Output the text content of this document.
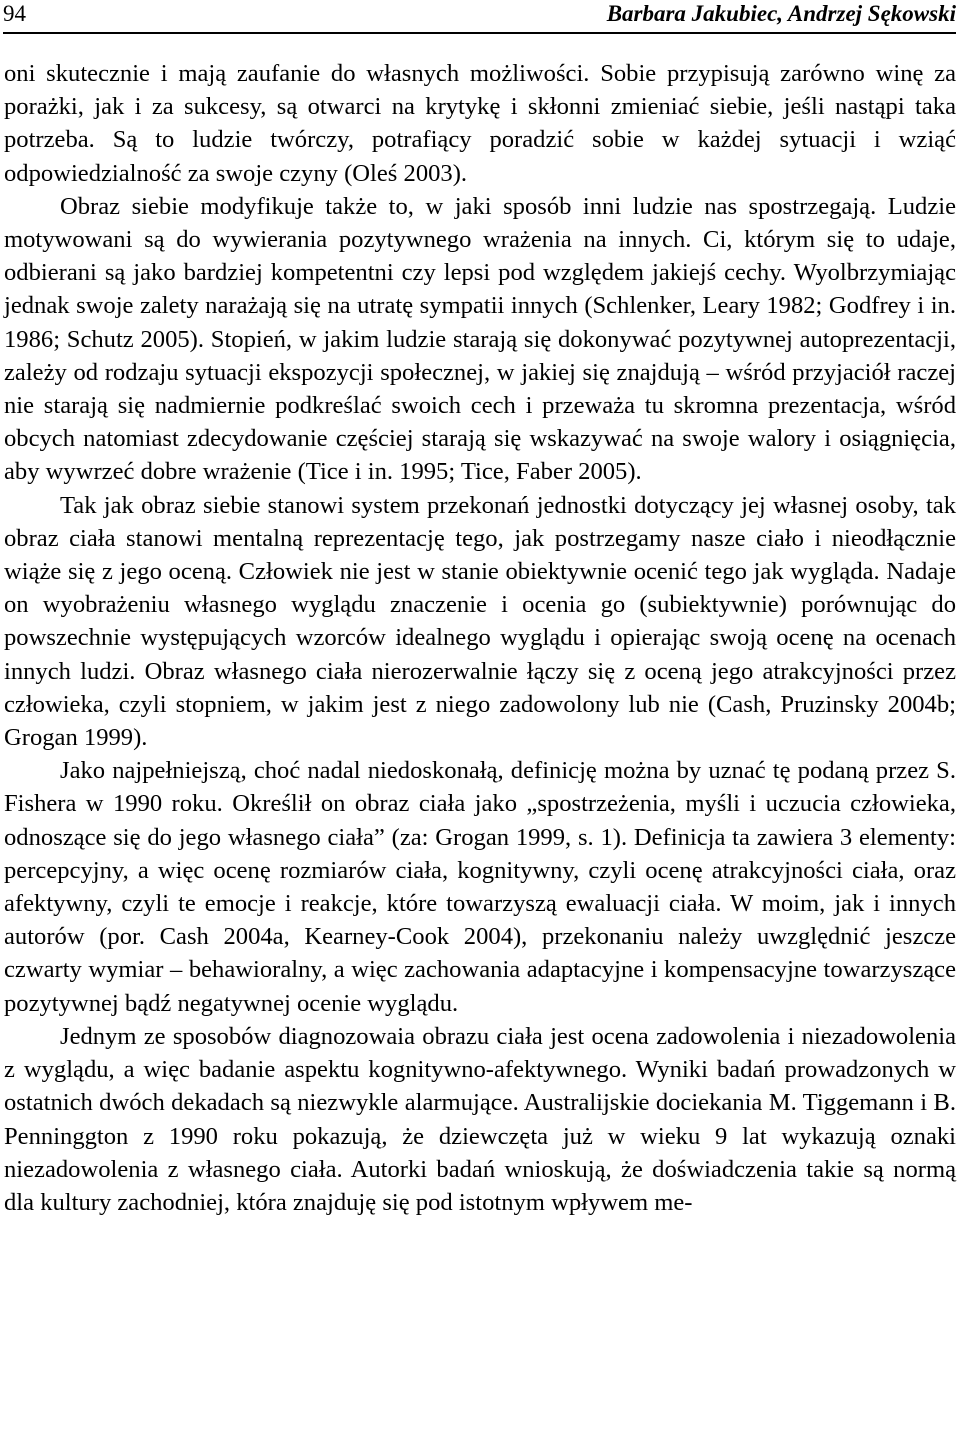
94	Barbara Jakubiec, Andrzej Sękowski

oni skutecznie i mają zaufanie do własnych możliwości. Sobie przypisują zarówno winę za porażki, jak i za sukcesy, są otwarci na krytykę i skłonni zmieniać siebie, jeśli nastąpi taka potrzeba. Są to ludzie twórczy, potrafiący poradzić sobie w każdej sytuacji i wziąć odpowiedzialność za swoje czyny (Oleś 2003).

Obraz siebie modyfikuje także to, w jaki sposób inni ludzie nas spostrzegają. Ludzie motywowani są do wywierania pozytywnego wrażenia na innych. Ci, którym się to udaje, odbierani są jako bardziej kompetentni czy lepsi pod względem jakiejś cechy. Wyolbrzymiając jednak swoje zalety narażają się na utratę sympatii innych (Schlenker, Leary 1982; Godfrey i in. 1986; Schutz 2005). Stopień, w jakim ludzie starają się dokonywać pozytywnej autoprezentacji, zależy od rodzaju sytuacji ekspozycji społecznej, w jakiej się znajdują – wśród przyjaciół raczej nie starają się nadmiernie podkreślać swoich cech i przeważa tu skromna prezentacja, wśród obcych natomiast zdecydowanie częściej starają się wskazywać na swoje walory i osiągnięcia, aby wywrzeć dobre wrażenie (Tice i in. 1995; Tice, Faber 2005).

Tak jak obraz siebie stanowi system przekonań jednostki dotyczący jej własnej osoby, tak obraz ciała stanowi mentalną reprezentację tego, jak postrzegamy nasze ciało i nieodłącznie wiąże się z jego oceną. Człowiek nie jest w stanie obiektywnie ocenić tego jak wygląda. Nadaje on wyobrażeniu własnego wyglądu znaczenie i ocenia go (subiektywnie) porównując do powszechnie występujących wzorców idealnego wyglądu i opierając swoją ocenę na ocenach innych ludzi. Obraz własnego ciała nierozerwalnie łączy się z oceną jego atrakcyjności przez człowieka, czyli stopniem, w jakim jest z niego zadowolony lub nie (Cash, Pruzinsky 2004b; Grogan 1999).

Jako najpełniejszą, choć nadal niedoskonałą, definicję można by uznać tę podaną przez S. Fishera w 1990 roku. Określił on obraz ciała jako „spostrzeżenia, myśli i uczucia człowieka, odnoszące się do jego własnego ciała” (za: Grogan 1999, s. 1). Definicja ta zawiera 3 elementy: percepcyjny, a więc ocenę rozmiarów ciała, kognitywny, czyli ocenę atrakcyjności ciała, oraz afektywny, czyli te emocje i reakcje, które towarzyszą ewaluacji ciała. W moim, jak i innych autorów (por. Cash 2004a, Kearney-Cook 2004), przekonaniu należy uwzględnić jeszcze czwarty wymiar – behawioralny, a więc zachowania adaptacyjne i kompensacyjne towarzyszące pozytywnej bądź negatywnej ocenie wyglądu.

Jednym ze sposobów diagnozowaia obrazu ciała jest ocena zadowolenia i niezadowolenia z wyglądu, a więc badanie aspektu kognitywno-afektywnego. Wyniki badań prowadzonych w ostatnich dwóch dekadach są niezwykle alarmujące. Australijskie dociekania M. Tiggemann i B. Penninggton z 1990 roku pokazują, że dziewczęta już w wieku 9 lat wykazują oznaki niezadowolenia z własnego ciała. Autorki badań wnioskują, że doświadczenia takie są normą dla kultury zachodniej, która znajduję się pod istotnym wpływem me-
